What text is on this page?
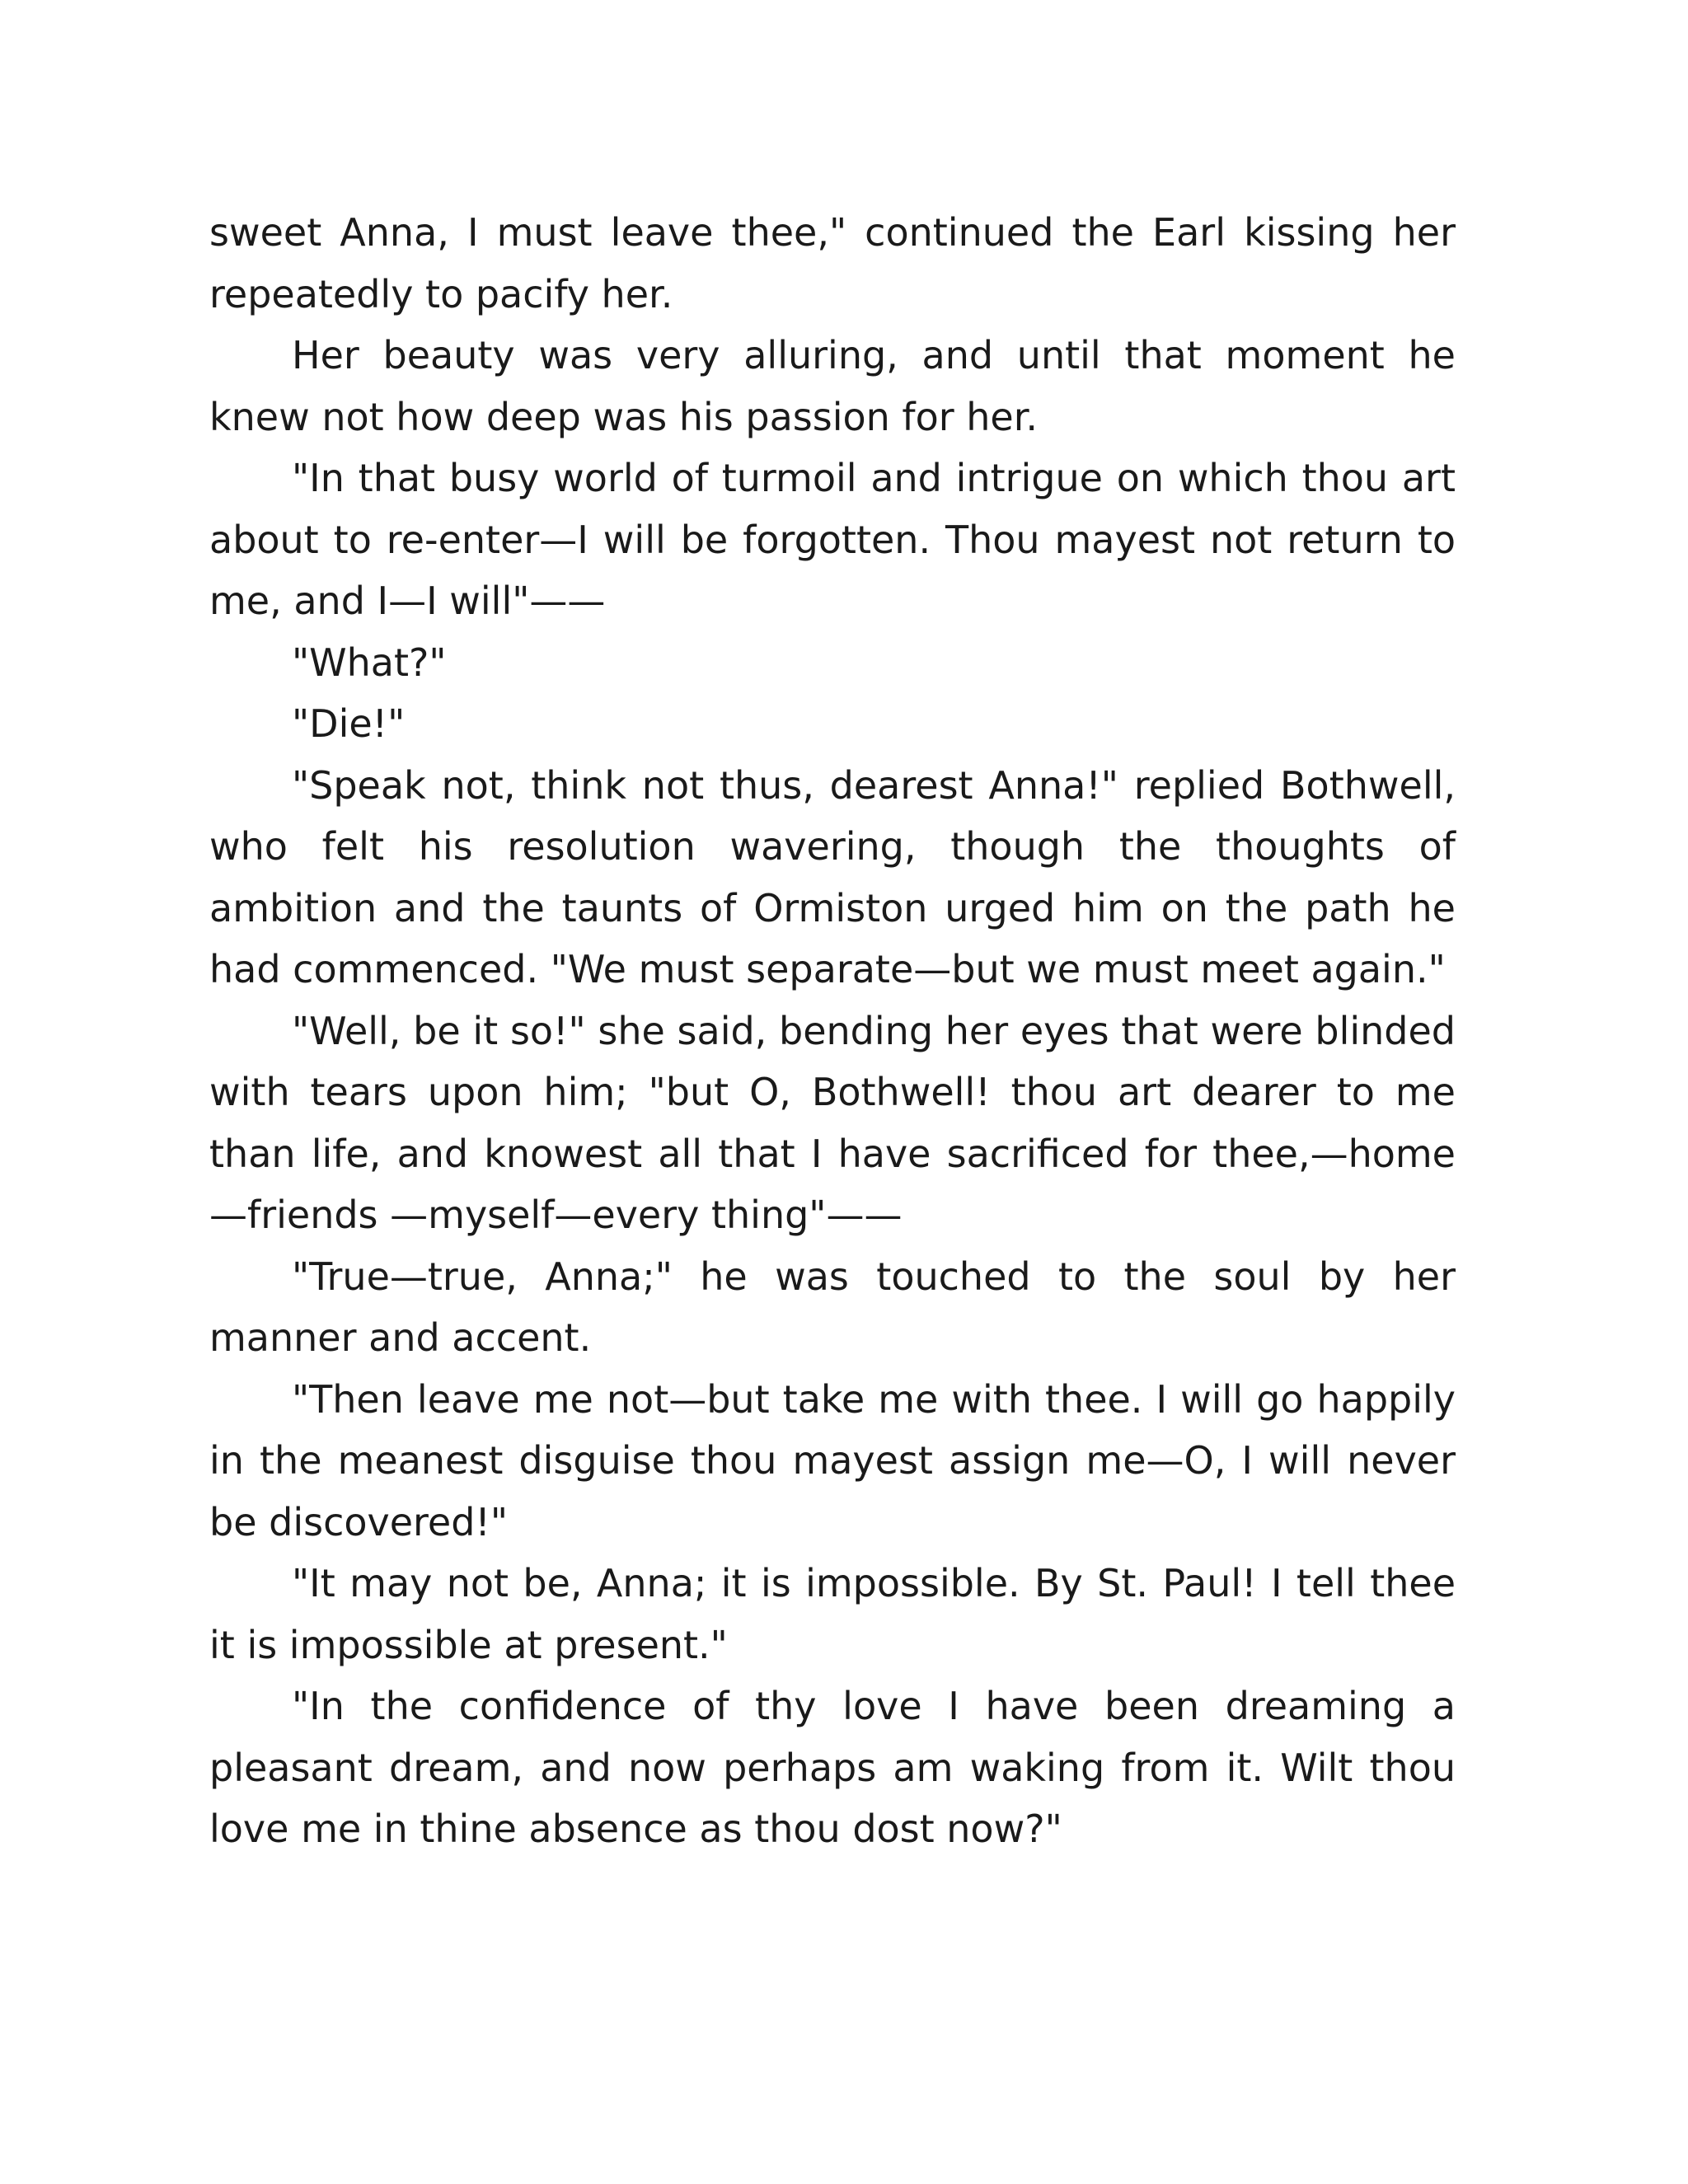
sweet Anna, I must leave thee," continued the Earl kissing her repeatedly to pacify her.

Her beauty was very alluring, and until that moment he knew not how deep was his passion for her.

"In that busy world of turmoil and intrigue on which thou art about to re-enter—I will be forgotten. Thou mayest not return to me, and I—I will"——

"What?"

"Die!"

"Speak not, think not thus, dearest Anna!" replied Bothwell, who felt his resolution wavering, though the thoughts of ambition and the taunts of Ormiston urged him on the path he had commenced. "We must separate—but we must meet again."

"Well, be it so!" she said, bending her eyes that were blinded with tears upon him; "but O, Bothwell! thou art dearer to me than life, and knowest all that I have sacrificed for thee,—home—friends —myself—every thing"——

"True—true, Anna;" he was touched to the soul by her manner and accent.

"Then leave me not—but take me with thee. I will go happily in the meanest disguise thou mayest assign me—O, I will never be discovered!"

"It may not be, Anna; it is impossible. By St. Paul! I tell thee it is impossible at present."

"In the confidence of thy love I have been dreaming a pleasant dream, and now perhaps am waking from it. Wilt thou love me in thine absence as thou dost now?"
